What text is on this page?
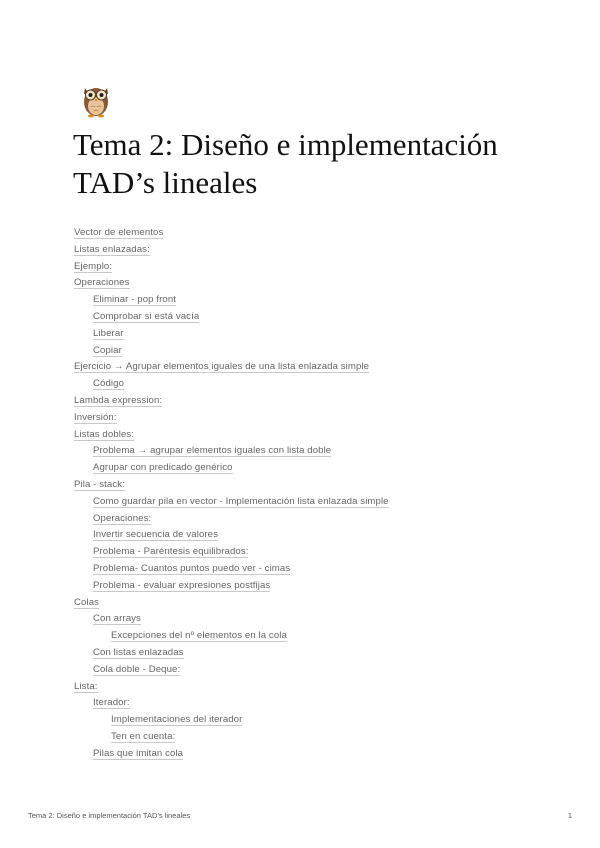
Tema 2: Diseño e implementación
TAD’s lineales
Vector de elementos
Listas enlazadas:
Ejemplo:
Operaciones
Eliminar - pop front
Comprobar si está vacía
Liberar
Copiar
Ejercicio → Agrupar elementos iguales de una lista enlazada simple
Código
Lambda expression:
Inversión:
Listas dobles:
Problema → agrupar elementos iguales con lista doble
Agrupar con predicado genérico
Pila - stack:
Como guardar pila en vector - Implementación lista enlazada simple
Operaciones:
Invertir secuencia de valores
Problema - Paréntesis equilibrados:
Problema- Cuantos puntos puedo ver - cimas
Problema - evaluar expresiones postfijas
Colas
Con arrays
Excepciones del nº elementos en la cola
Con listas enlazadas
Cola doble - Deque:
Lista:
Iterador:
Implementaciones del iterador
Ten en cuenta:
Pilas que imitan cola
Tema 2: Diseño e implementación TAD’s lineales	1
